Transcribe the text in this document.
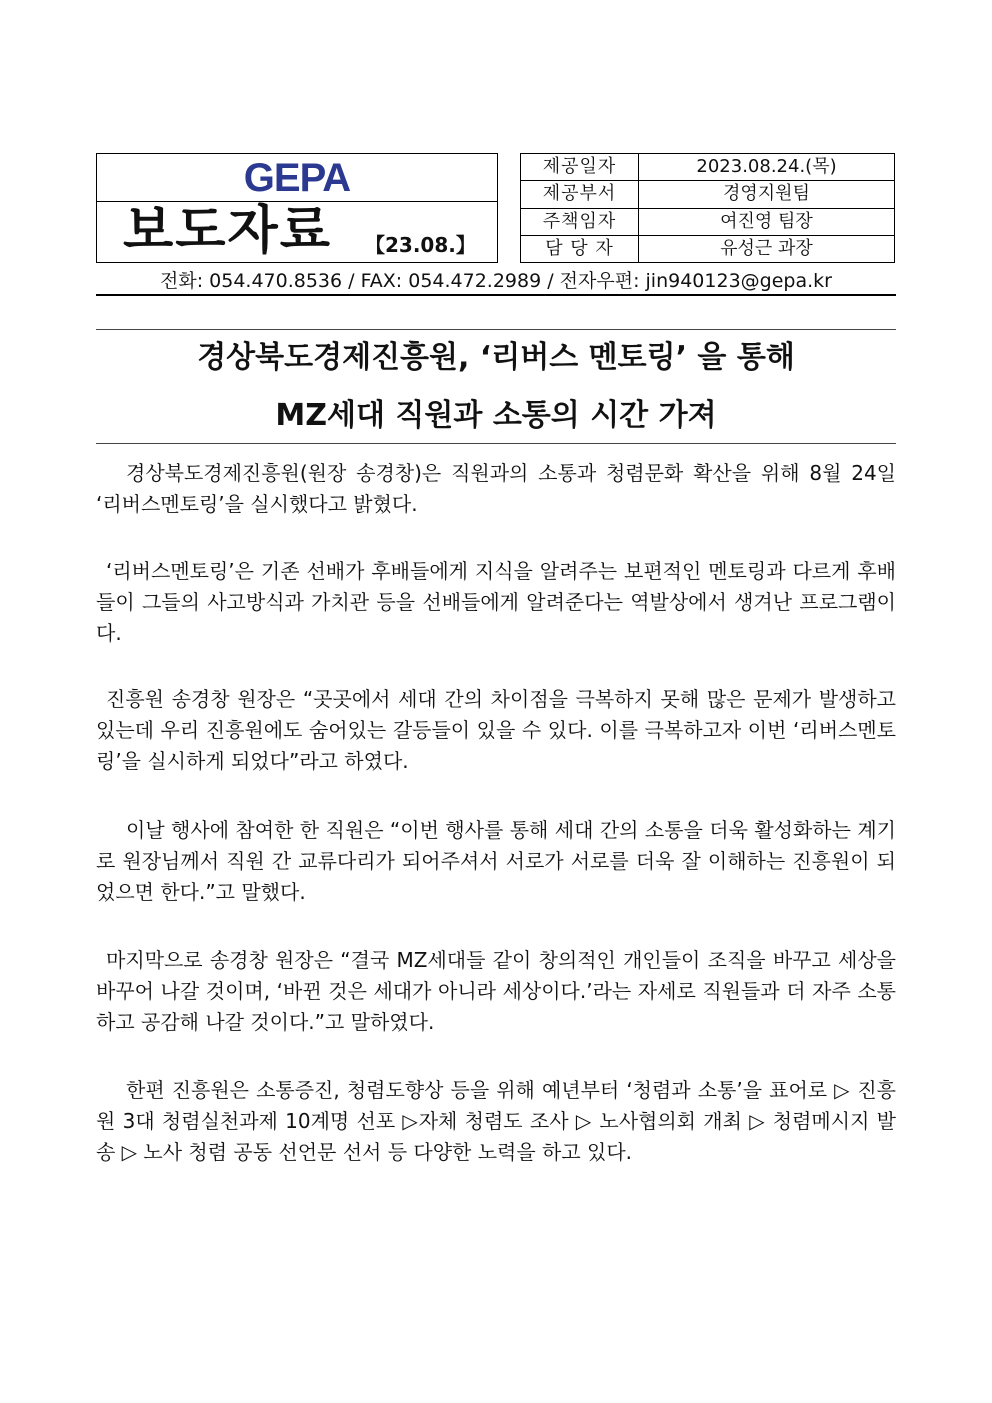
GEPA
보도자료 【23.08.】
제공일자	2023.08.24.(목)
제공부서	경영지원팀
주책임자	여진영 팀장
담 당 자	유성근 과장
전화: 054.470.8536 / FAX: 054.472.2989 / 전자우편: jin940123@gepa.kr
경상북도경제진흥원, ‘리버스 멘토링’ 을 통해
MZ세대 직원과 소통의 시간 가져
경상북도경제진흥원(원장 송경창)은 직원과의 소통과 청렴문화 확산을 위해 8월 24일 ‘리버스멘토링’을 실시했다고 밝혔다.
‘리버스멘토링’은 기존 선배가 후배들에게 지식을 알려주는 보편적인 멘토링과 다르게 후배들이 그들의 사고방식과 가치관 등을 선배들에게 알려준다는 역발상에서 생겨난 프로그램이다.
진흥원 송경창 원장은 “곳곳에서 세대 간의 차이점을 극복하지 못해 많은 문제가 발생하고 있는데 우리 진흥원에도 숨어있는 갈등들이 있을 수 있다. 이를 극복하고자 이번 ‘리버스멘토링’을 실시하게 되었다”라고 하였다.
이날 행사에 참여한 한 직원은 “이번 행사를 통해 세대 간의 소통을 더욱 활성화하는 계기로 원장님께서 직원 간 교류다리가 되어주셔서 서로가 서로를 더욱 잘 이해하는 진흥원이 되었으면 한다.”고 말했다.
마지막으로 송경창 원장은 “결국 MZ세대들 같이 창의적인 개인들이 조직을 바꾸고 세상을 바꾸어 나갈 것이며, ‘바뀐 것은 세대가 아니라 세상이다.’라는 자세로 직원들과 더 자주 소통하고 공감해 나갈 것이다.”고 말하였다.
한편 진흥원은 소통증진, 청렴도향상 등을 위해 예년부터 ‘청렴과 소통’을 표어로 ▷ 진흥원 3대 청렴실천과제 10계명 선포 ▷자체 청렴도 조사 ▷ 노사협의회 개최 ▷ 청렴메시지 발송 ▷ 노사 청렴 공동 선언문 선서 등 다양한 노력을 하고 있다.
